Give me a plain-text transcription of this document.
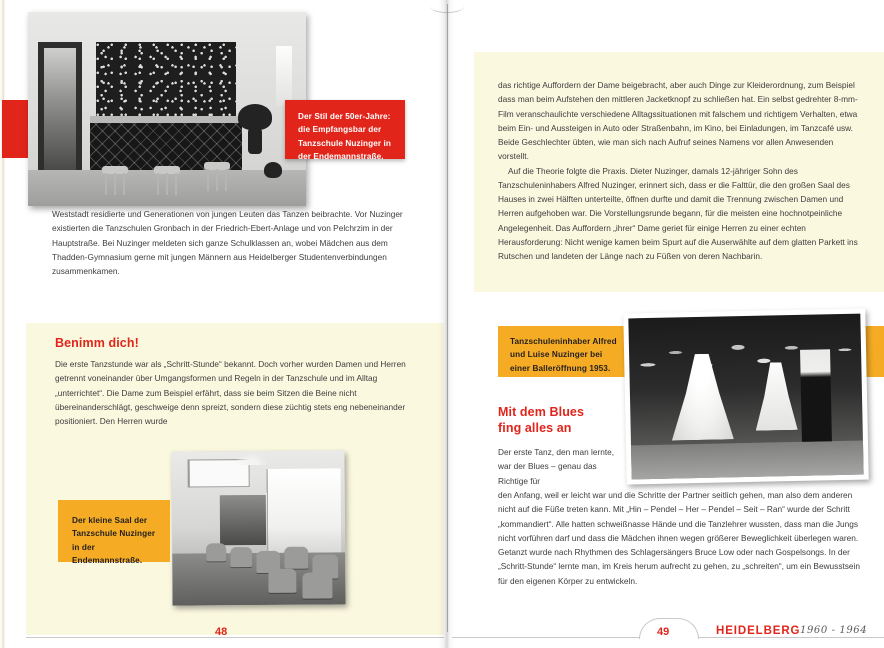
Der Stil der 50er-Jahre: die Empfangsbar der Tanzschule Nuzinger in der Endemannstraße.

Weststadt residierte und Generationen von jungen Leuten das Tanzen beibrachte. Vor Nuzinger existierten die Tanzschulen Gronbach in der Friedrich-Ebert-Anlage und von Pelchrzim in der Hauptstraße. Bei Nuzinger meldeten sich ganze Schulklassen an, wobei Mädchen aus dem Thadden-Gymnasium gerne mit jungen Männern aus Heidelberger Studentenverbindungen zusammenkamen.

Benimm dich!

Die erste Tanzstunde war als „Schritt-Stunde“ bekannt. Doch vorher wurden Damen und Herren getrennt voneinander über Umgangsformen und Regeln in der Tanzschule und im Alltag „unterrichtet“. Die Dame zum Beispiel erfährt, dass sie beim Sitzen die Beine nicht übereinanderschlägt, geschweige denn spreizt, sondern diese züchtig stets eng nebeneinander positioniert. Den Herren wurde

Der kleine Saal der Tanzschule Nuzinger in der Endemannstraße.
48

das richtige Auffordern der Dame beigebracht, aber auch Dinge zur Kleiderordnung, zum Beispiel dass man beim Aufstehen den mittleren Jacketknopf zu schließen hat. Ein selbst gedrehter 8-mm-Film veranschaulichte verschiedene Alltagssituationen mit falschem und richtigem Verhalten, etwa beim Ein- und Aussteigen in Auto oder Straßenbahn, im Kino, bei Einladungen, im Tanzcafé usw. Beide Geschlechter übten, wie man sich nach Aufruf seines Namens vor allen Anwesenden vorstellt.

Auf die Theorie folgte die Praxis. Dieter Nuzinger, damals 12-jähriger Sohn des Tanzschuleninhabers Alfred Nuzinger, erinnert sich, dass er die Falttür, die den großen Saal des Hauses in zwei Hälften unterteilte, öffnen durfte und damit die Trennung zwischen Damen und Herren aufgehoben war. Die Vorstellungsrunde begann, für die meisten eine hochnotpeinliche Angelegenheit. Das Auffordern „ihrer“ Dame geriet für einige Herren zu einer echten Herausforderung: Nicht wenige kamen beim Spurt auf die Auserwählte auf dem glatten Parkett ins Rutschen und landeten der Länge nach zu Füßen von deren Nachbarin.

Tanzschuleninhaber Alfred und Luise Nuzinger bei einer Balleröffnung 1953.
Mit dem Blues
fing alles an

Der erste Tanz, den man lernte, war der Blues – genau das Richtige für

den Anfang, weil er leicht war und die Schritte der Partner seitlich gehen, man also dem anderen nicht auf die Füße treten kann. Mit „Hin – Pendel – Her – Pendel – Seit – Ran“ wurde der Schritt „kommandiert“. Alle hatten schweißnasse Hände und die Tanzlehrer wussten, dass man die Jungs nicht vorführen darf und dass die Mädchen ihnen wegen größerer Beweglichkeit überlegen waren. Getanzt wurde nach Rhythmen des Schlagersängers Bruce Low oder nach Gospelsongs. In der „Schritt-Stunde“ lernte man, im Kreis herum aufrecht zu gehen, zu „schreiten“, um ein Bewusstsein für den eigenen Körper zu entwickeln.

49	HEIDELBERG 1960 - 1964
